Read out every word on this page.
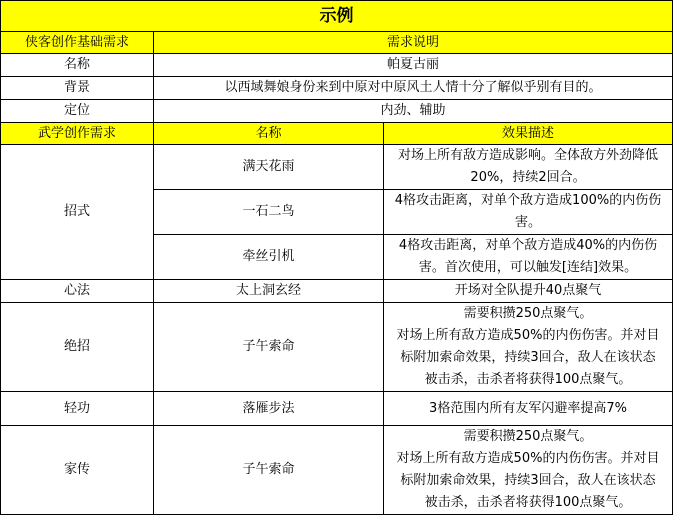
示例		
侠客创作基础需求	需求说明	
名称	帕夏古丽	
背景	以西域舞娘身份来到中原对中原风土人情十分了解似乎别有目的。	
定位	内劲、辅助	
武学创作需求	名称	效果描述
招式	满天花雨	对场上所有敌方造成影响。全体敌方外劲降低
20%，持续2回合。
	一石二鸟	4格攻击距离，对单个敌方造成100%的内伤伤
害。
	牵丝引机	4格攻击距离，对单个敌方造成40%的内伤伤
害。首次使用，可以触发[连结]效果。
心法	太上洞玄经	开场对全队提升40点聚气
绝招	子午索命	需要积攒250点聚气。
对场上所有敌方造成50%的内伤伤害。并对目
标附加索命效果，持续3回合，敌人在该状态
被击杀，击杀者将获得100点聚气。
轻功	落雁步法	3格范围内所有友军闪避率提高7%
家传	子午索命	需要积攒250点聚气。
对场上所有敌方造成50%的内伤伤害。并对目
标附加索命效果，持续3回合，敌人在该状态
被击杀，击杀者将获得100点聚气。
